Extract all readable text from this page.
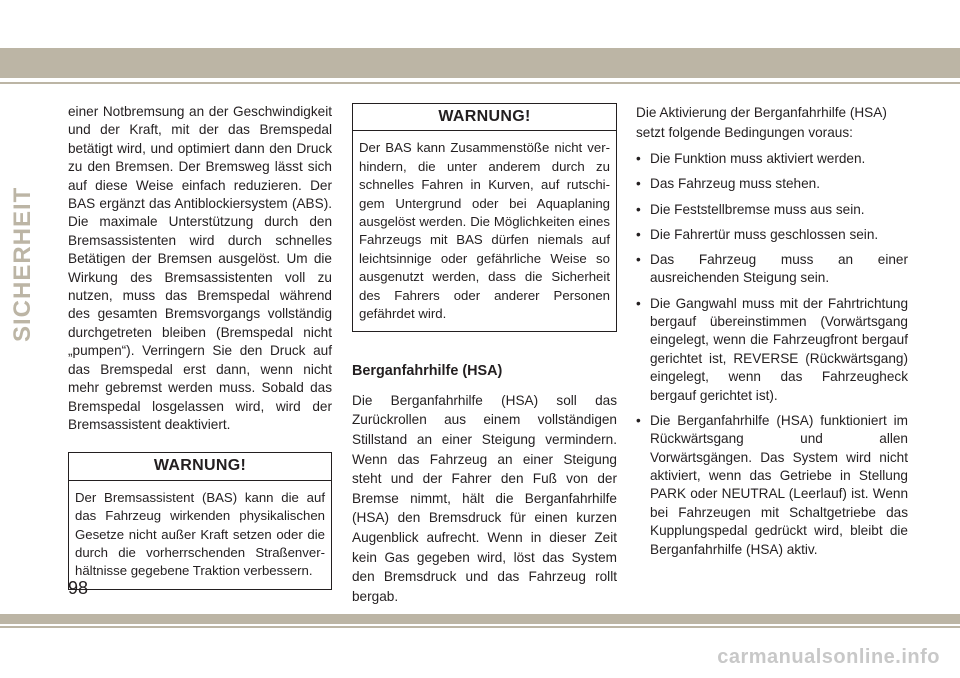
SICHERHEIT

einer Notbremsung an der Geschwindigkeit und der Kraft, mit der das Bremspedal betätigt wird, und optimiert dann den Druck zu den Bremsen. Der Bremsweg lässt sich auf diese Weise einfach reduzieren. Der BAS ergänzt das Antiblockiersystem (ABS). Die maximale Unterstützung durch den Bremsassistenten wird durch schnelles Betätigen der Bremsen ausgelöst. Um die Wirkung des Bremsassistenten voll zu nutzen, muss das Bremspedal während des gesamten Bremsvorgangs vollständig durchgetreten bleiben (Bremspedal nicht „pumpen“). Verringern Sie den Druck auf das Bremspedal erst dann, wenn nicht mehr gebremst werden muss. Sobald das Bremspedal losgelassen wird, wird der Bremsassistent deaktiviert.

WARNUNG!
Der Bremsassistent (BAS) kann die auf das Fahrzeug wirkenden physikalischen Gesetze nicht außer Kraft setzen oder die durch die vorherrschenden Straßenverhältnisse gegebene Traktion verbessern.
WARNUNG!
Der BAS kann Zusammenstöße nicht verhindern, die unter anderem durch zu schnelles Fahren in Kurven, auf rutschigem Untergrund oder bei Aquaplaning ausgelöst werden. Die Möglichkeiten eines Fahrzeugs mit BAS dürfen niemals auf leichtsinnige oder gefährliche Weise so ausgenutzt werden, dass die Sicherheit des Fahrers oder anderer Personen gefährdet wird.
Berganfahrhilfe (HSA)

Die Berganfahrhilfe (HSA) soll das Zurückrollen aus einem vollständigen Stillstand an einer Steigung vermindern. Wenn das Fahrzeug an einer Steigung steht und der Fahrer den Fuß von der Bremse nimmt, hält die Berganfahrhilfe (HSA) den Bremsdruck für einen kurzen Augenblick aufrecht. Wenn in dieser Zeit kein Gas gegeben wird, löst das System den Bremsdruck und das Fahrzeug rollt bergab.

Die Aktivierung der Berganfahrhilfe (HSA) setzt folgende Bedingungen voraus:

• Die Funktion muss aktiviert werden.
• Das Fahrzeug muss stehen.
• Die Feststellbremse muss aus sein.
• Die Fahrertür muss geschlossen sein.
• Das Fahrzeug muss an einer ausreichenden Steigung sein.
• Die Gangwahl muss mit der Fahrtrichtung bergauf übereinstimmen (Vorwärtsgang eingelegt, wenn die Fahrzeugfront bergauf gerichtet ist, REVERSE (Rückwärtsgang) eingelegt, wenn das Fahrzeugheck bergauf gerichtet ist).
• Die Berganfahrhilfe (HSA) funktioniert im Rückwärtsgang und allen Vorwärtsgängen. Das System wird nicht aktiviert, wenn das Getriebe in Stellung PARK oder NEUTRAL (Leerlauf) ist. Wenn bei Fahrzeugen mit Schaltgetriebe das Kupplungspedal gedrückt wird, bleibt die Berganfahrhilfe (HSA) aktiv.
98
carmanualsonline.info
